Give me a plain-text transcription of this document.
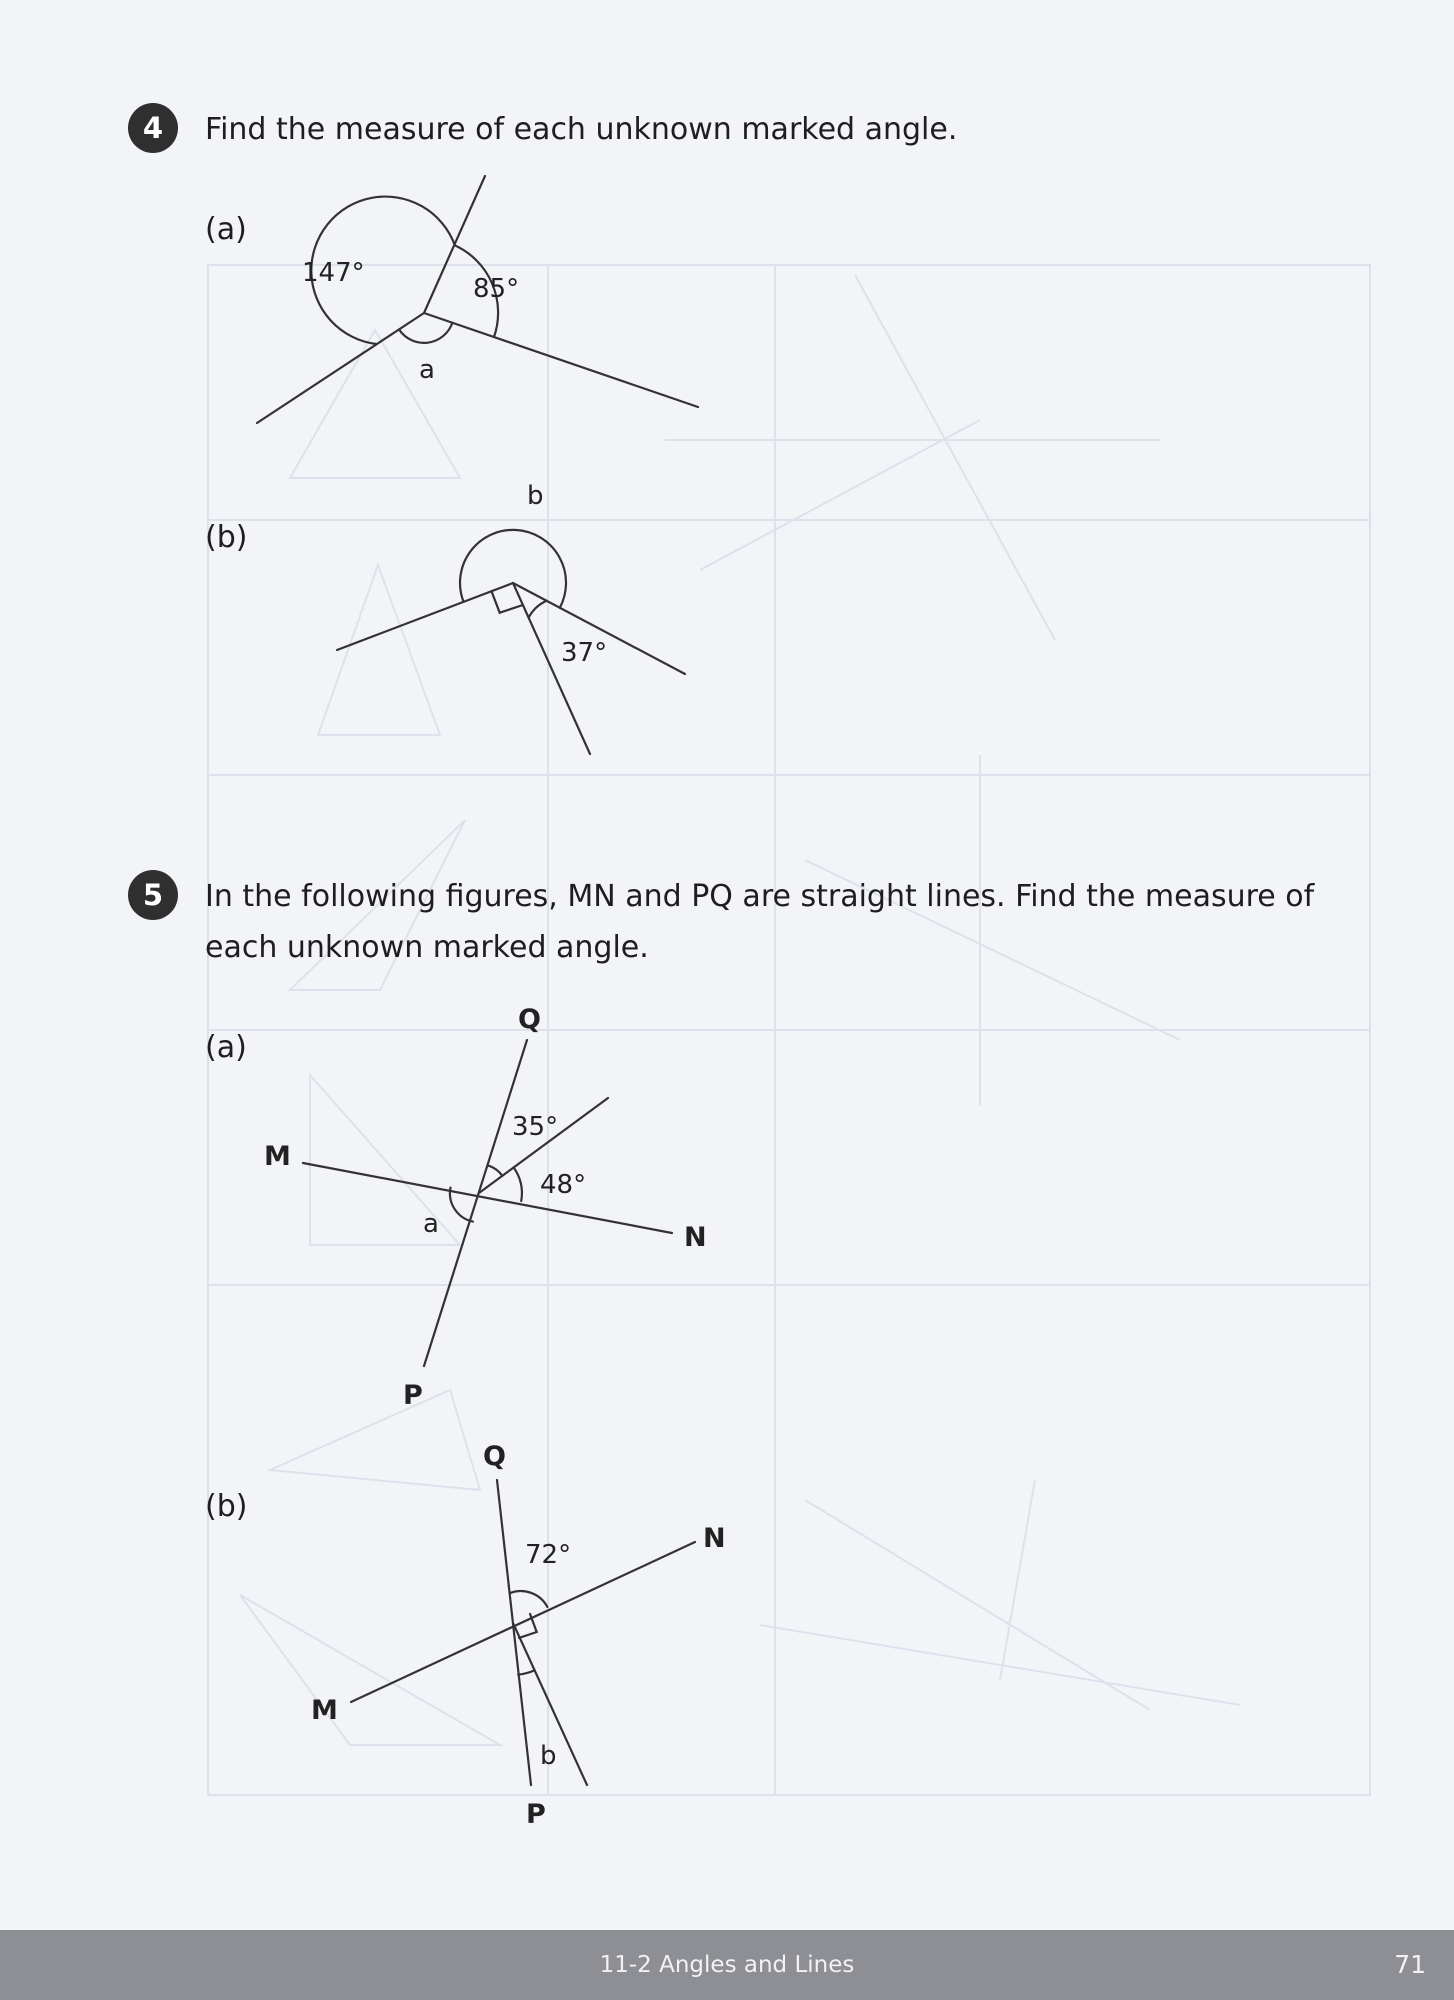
4	Find the measure of each unknown marked angle.
(a)
(b)
147°
85°
a
b
37°
Q
M
N
P
35°
48°
a
Q
N
M
P
72°
b
5	In the following figures, MN and PQ are straight lines. Find the measure of
each unknown marked angle.
(a)
(b)
11-2 Angles and Lines	71
